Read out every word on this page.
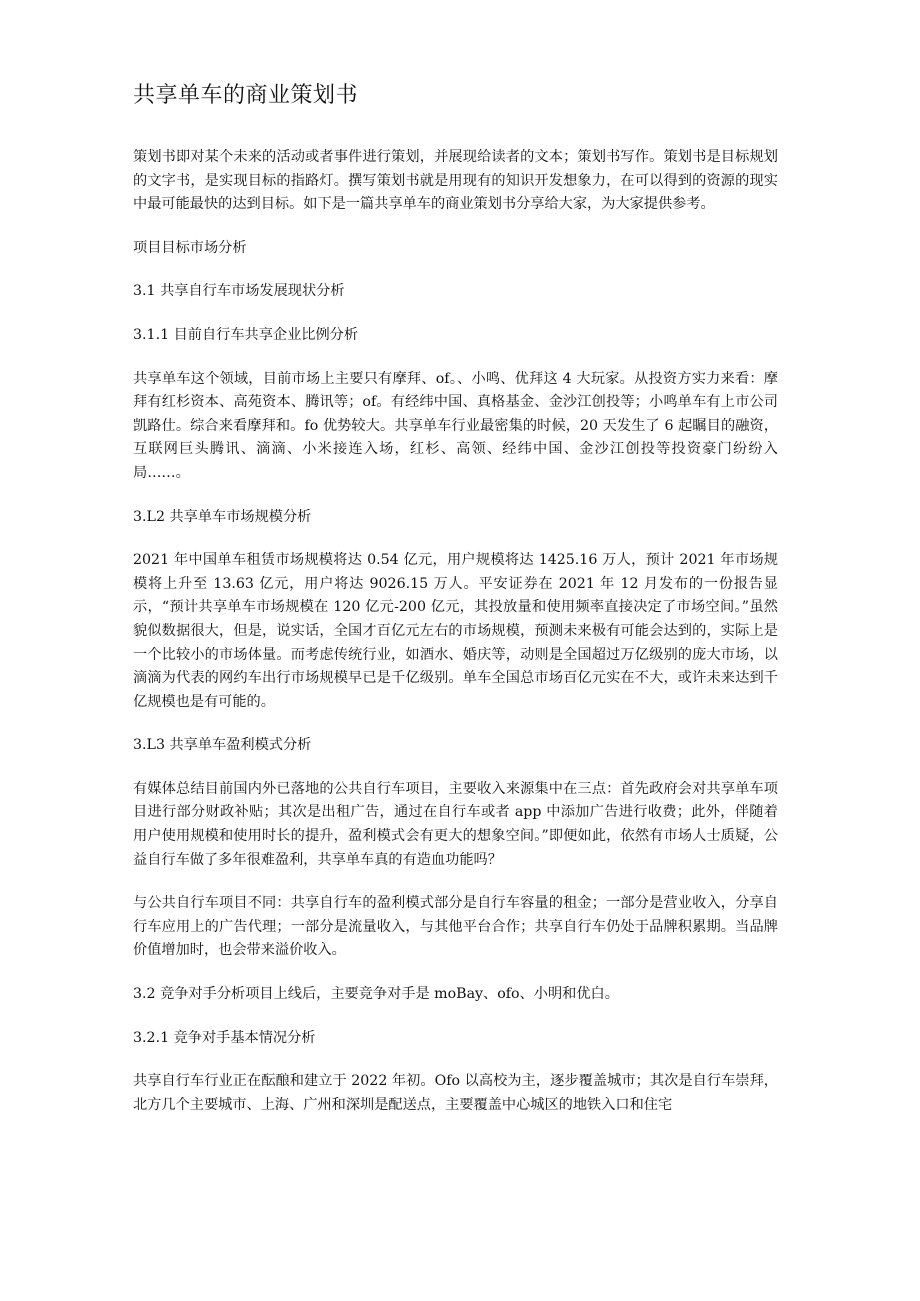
共享单车的商业策划书

策划书即对某个未来的活动或者事件进行策划，并展现给读者的文本；策划书写作。策划书是目标规划的文字书，是实现目标的指路灯。撰写策划书就是用现有的知识开发想象力，在可以得到的资源的现实中最可能最快的达到目标。如下是一篇共享单车的商业策划书分享给大家，为大家提供参考。

项目目标市场分析

3.1 共享自行车市场发展现状分析

3.1.1 目前自行车共享企业比例分析

共享单车这个领域，目前市场上主要只有摩拜、of。、小鸣、优拜这 4 大玩家。从投资方实力来看：摩拜有红杉资本、高苑资本、腾讯等；of。有经纬中国、真格基金、金沙江创投等；小鸣单车有上市公司凯路仕。综合来看摩拜和。fo 优势较大。共享单车行业最密集的时候，20 天发生了 6 起瞩目的融资，互联网巨头腾讯、滴滴、小米接连入场，红杉、高领、经纬中国、金沙江创投等投资豪门纷纷入局……。

3.L2 共享单车市场规模分析

2021 年中国单车租赁市场规模将达 0.54 亿元，用户规模将达 1425.16 万人，预计 2021 年市场规模将上升至 13.63 亿元，用户将达 9026.15 万人。平安证券在 2021 年 12 月发布的一份报告显示，“预计共享单车市场规模在 120 亿元-200 亿元，其投放量和使用频率直接决定了市场空间。”虽然貌似数据很大，但是，说实话，全国才百亿元左右的市场规模，预测未来极有可能会达到的，实际上是一个比较小的市场体量。而考虑传统行业，如酒水、婚庆等，动则是全国超过万亿级别的庞大市场，以滴滴为代表的网约车出行市场规模早已是千亿级别。单车全国总市场百亿元实在不大，或许未来达到千亿规模也是有可能的。

3.L3 共享单车盈利模式分析

有媒体总结目前国内外已落地的公共自行车项目，主要收入来源集中在三点：首先政府会对共享单车项目进行部分财政补贴；其次是出租广告，通过在自行车或者 app 中添加广告进行收费；此外，伴随着用户使用规模和使用时长的提升，盈利模式会有更大的想象空间。”即便如此，依然有市场人士质疑，公益自行车做了多年很难盈利，共享单车真的有造血功能吗？

与公共自行车项目不同：共享自行车的盈利模式部分是自行车容量的租金；一部分是营业收入，分享自行车应用上的广告代理；一部分是流量收入，与其他平台合作；共享自行车仍处于品牌积累期。当品牌价值增加时，也会带来溢价收入。

3.2 竞争对手分析项目上线后，主要竞争对手是 moBay、ofo、小明和优白。

3.2.1 竞争对手基本情况分析

共享自行车行业正在酝酿和建立于 2022 年初。Ofo 以高校为主，逐步覆盖城市；其次是自行车崇拜，北方几个主要城市、上海、广州和深圳是配送点，主要覆盖中心城区的地铁入口和住宅
